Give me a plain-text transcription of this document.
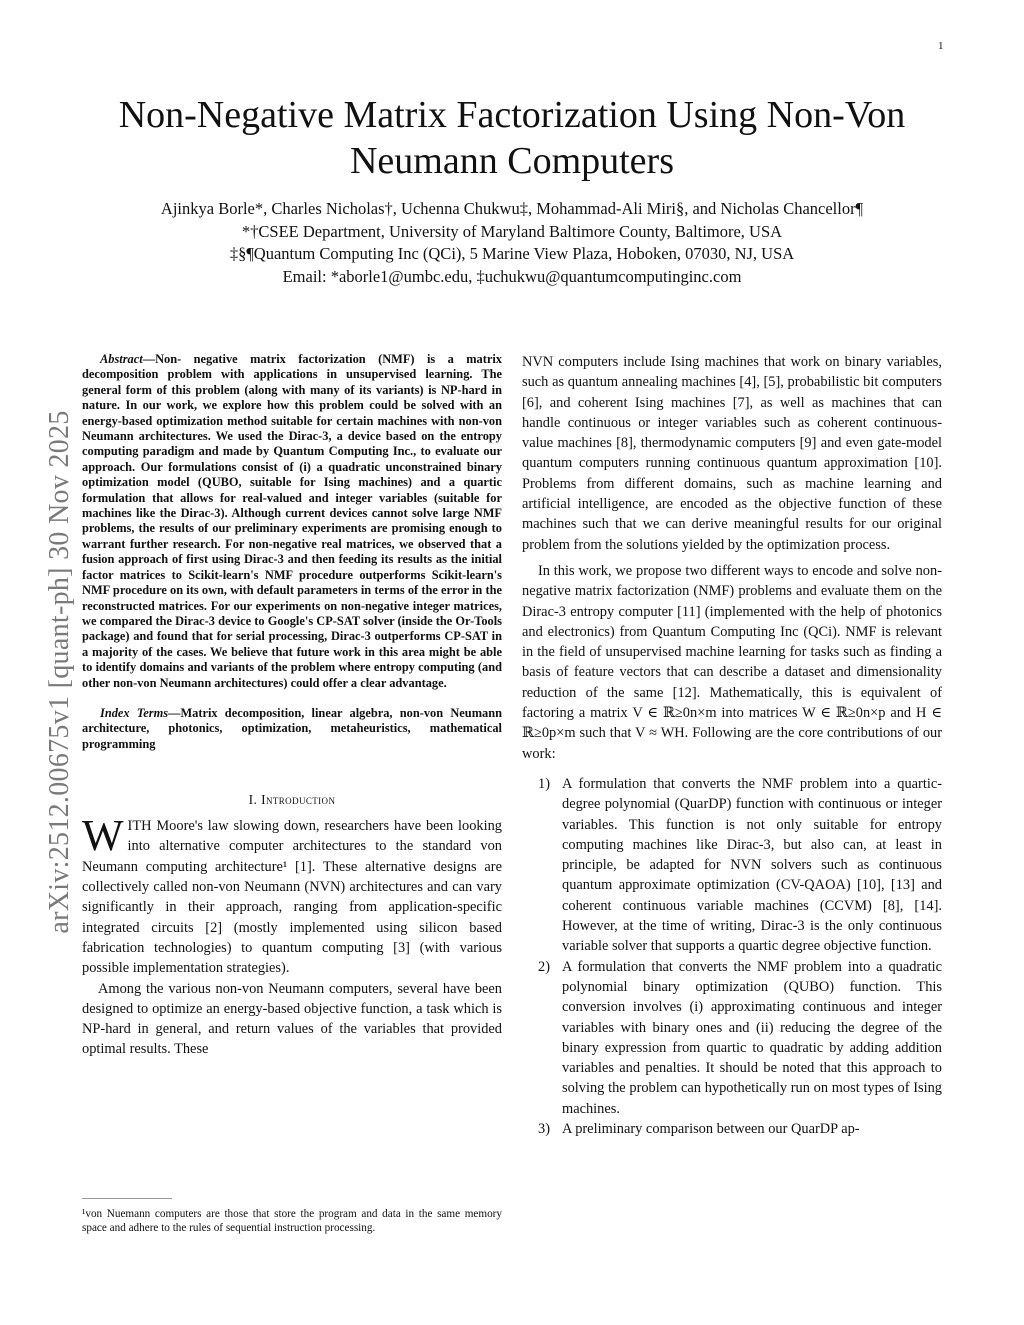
1
arXiv:2512.00675v1 [quant-ph] 30 Nov 2025
Non-Negative Matrix Factorization Using Non-Von
Neumann Computers
Ajinkya Borle*, Charles Nicholas†, Uchenna Chukwu‡, Mohammad-Ali Miri§, and Nicholas Chancellor¶
*†CSEE Department, University of Maryland Baltimore County, Baltimore, USA
‡§¶Quantum Computing Inc (QCi), 5 Marine View Plaza, Hoboken, 07030, NJ, USA
Email: *aborle1@umbc.edu, ‡uchukwu@quantumcomputinginc.com

Abstract—Non- negative matrix factorization (NMF) is a matrix decomposition problem with applications in unsupervised learning. The general form of this problem (along with many of its variants) is NP-hard in nature. In our work, we explore how this problem could be solved with an energy-based optimization method suitable for certain machines with non-von Neumann architectures. We used the Dirac-3, a device based on the entropy computing paradigm and made by Quantum Computing Inc., to evaluate our approach. Our formulations consist of (i) a quadratic unconstrained binary optimization model (QUBO, suitable for Ising machines) and a quartic formulation that allows for real-valued and integer variables (suitable for machines like the Dirac-3). Although current devices cannot solve large NMF problems, the results of our preliminary experiments are promising enough to warrant further research. For non-negative real matrices, we observed that a fusion approach of first using Dirac-3 and then feeding its results as the initial factor matrices to Scikit-learn's NMF procedure outperforms Scikit-learn's NMF procedure on its own, with default parameters in terms of the error in the reconstructed matrices. For our experiments on non-negative integer matrices, we compared the Dirac-3 device to Google's CP-SAT solver (inside the Or-Tools package) and found that for serial processing, Dirac-3 outperforms CP-SAT in a majority of the cases. We believe that future work in this area might be able to identify domains and variants of the problem where entropy computing (and other non-von Neumann architectures) could offer a clear advantage.

Index Terms—Matrix decomposition, linear algebra, non-von Neumann architecture, photonics, optimization, metaheuristics, mathematical programming

I. Introduction

WITH Moore's law slowing down, researchers have been looking into alternative computer architectures to the standard von Neumann computing architecture¹ [1]. These alternative designs are collectively called non-von Neumann (NVN) architectures and can vary significantly in their approach, ranging from application-specific integrated circuits [2] (mostly implemented using silicon based fabrication technologies) to quantum computing [3] (with various possible implementation strategies).

Among the various non-von Neumann computers, several have been designed to optimize an energy-based objective function, a task which is NP-hard in general, and return values of the variables that provided optimal results. These

¹von Nuemann computers are those that store the program and data in the same memory space and adhere to the rules of sequential instruction processing.

NVN computers include Ising machines that work on binary variables, such as quantum annealing machines [4], [5], probabilistic bit computers [6], and coherent Ising machines [7], as well as machines that can handle continuous or integer variables such as coherent continuous-value machines [8], thermodynamic computers [9] and even gate-model quantum computers running continuous quantum approximation [10]. Problems from different domains, such as machine learning and artificial intelligence, are encoded as the objective function of these machines such that we can derive meaningful results for our original problem from the solutions yielded by the optimization process.

In this work, we propose two different ways to encode and solve non-negative matrix factorization (NMF) problems and evaluate them on the Dirac-3 entropy computer [11] (implemented with the help of photonics and electronics) from Quantum Computing Inc (QCi). NMF is relevant in the field of unsupervised machine learning for tasks such as finding a basis of feature vectors that can describe a dataset and dimensionality reduction of the same [12]. Mathematically, this is equivalent of factoring a matrix V ∈ ℝ≥0n×m into matrices W ∈ ℝ≥0n×p and H ∈ ℝ≥0p×m such that V ≈ WH. Following are the core contributions of our work:

1) A formulation that converts the NMF problem into a quartic-degree polynomial (QuarDP) function with continuous or integer variables. This function is not only suitable for entropy computing machines like Dirac-3, but also can, at least in principle, be adapted for NVN solvers such as continuous quantum approximate optimization (CV-QAOA) [10], [13] and coherent continuous variable machines (CCVM) [8], [14]. However, at the time of writing, Dirac-3 is the only continuous variable solver that supports a quartic degree objective function.
2) A formulation that converts the NMF problem into a quadratic polynomial binary optimization (QUBO) function. This conversion involves (i) approximating continuous and integer variables with binary ones and (ii) reducing the degree of the binary expression from quartic to quadratic by adding addition variables and penalties. It should be noted that this approach to solving the problem can hypothetically run on most types of Ising machines.
3) A preliminary comparison between our QuarDP ap-
